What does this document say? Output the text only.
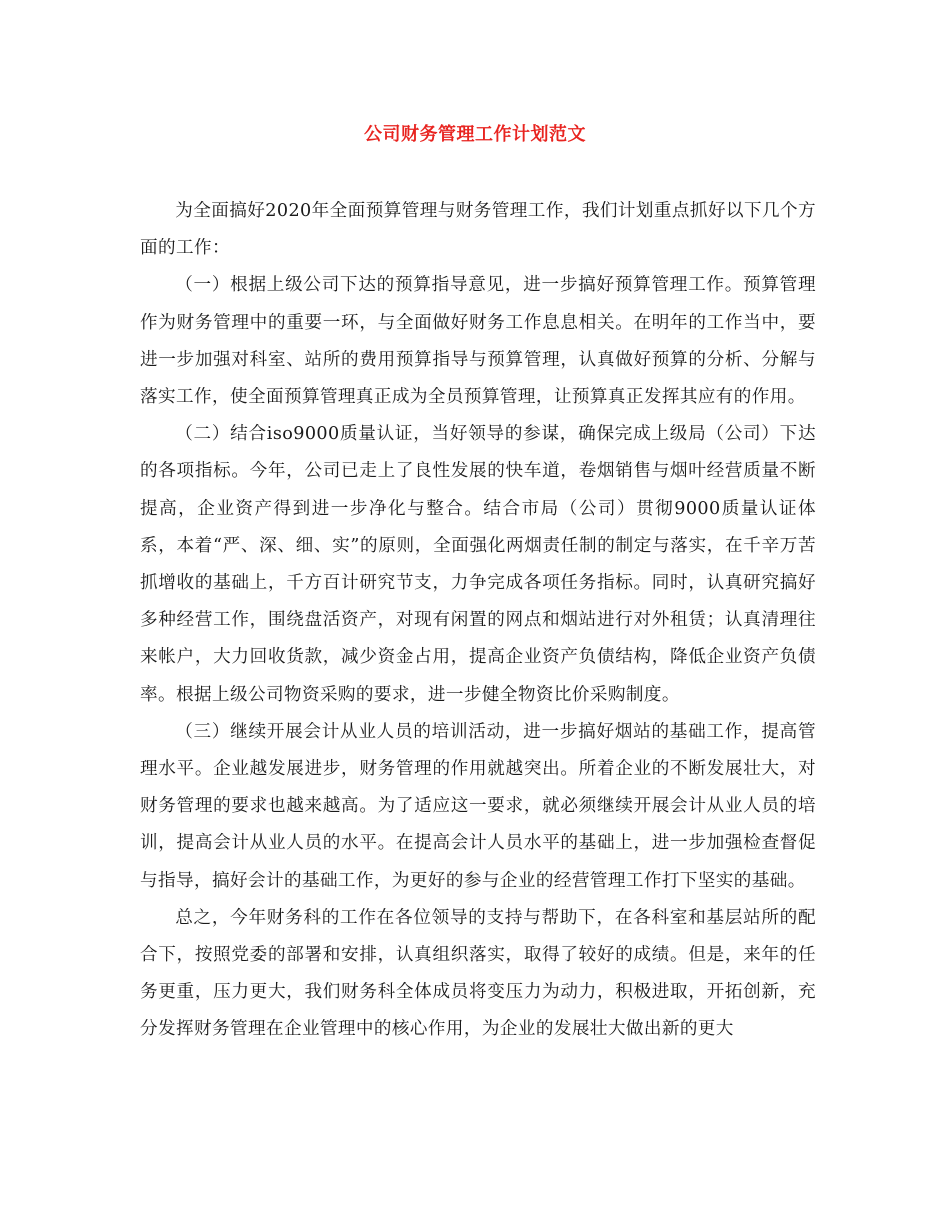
公司财务管理工作计划范文

为全面搞好2020年全面预算管理与财务管理工作，我们计划重点抓好以下几个方面的工作：

（一）根据上级公司下达的预算指导意见，进一步搞好预算管理工作。预算管理作为财务管理中的重要一环，与全面做好财务工作息息相关。在明年的工作当中，要进一步加强对科室、站所的费用预算指导与预算管理，认真做好预算的分析、分解与落实工作，使全面预算管理真正成为全员预算管理，让预算真正发挥其应有的作用。

（二）结合iso9000质量认证，当好领导的参谋，确保完成上级局（公司）下达的各项指标。今年，公司已走上了良性发展的快车道，卷烟销售与烟叶经营质量不断提高，企业资产得到进一步净化与整合。结合市局（公司）贯彻9000质量认证体系，本着“严、深、细、实”的原则，全面强化两烟责任制的制定与落实，在千辛万苦抓增收的基础上，千方百计研究节支，力争完成各项任务指标。同时，认真研究搞好多种经营工作，围绕盘活资产，对现有闲置的网点和烟站进行对外租赁；认真清理往来帐户，大力回收货款，减少资金占用，提高企业资产负债结构，降低企业资产负债率。根据上级公司物资采购的要求，进一步健全物资比价采购制度。

（三）继续开展会计从业人员的培训活动，进一步搞好烟站的基础工作，提高管理水平。企业越发展进步，财务管理的作用就越突出。所着企业的不断发展壮大，对财务管理的要求也越来越高。为了适应这一要求，就必须继续开展会计从业人员的培训，提高会计从业人员的水平。在提高会计人员水平的基础上，进一步加强检查督促与指导，搞好会计的基础工作，为更好的参与企业的经营管理工作打下坚实的基础。

总之，今年财务科的工作在各位领导的支持与帮助下，在各科室和基层站所的配合下，按照党委的部署和安排，认真组织落实，取得了较好的成绩。但是，来年的任务更重，压力更大，我们财务科全体成员将变压力为动力，积极进取，开拓创新，充分发挥财务管理在企业管理中的核心作用，为企业的发展壮大做出新的更大
